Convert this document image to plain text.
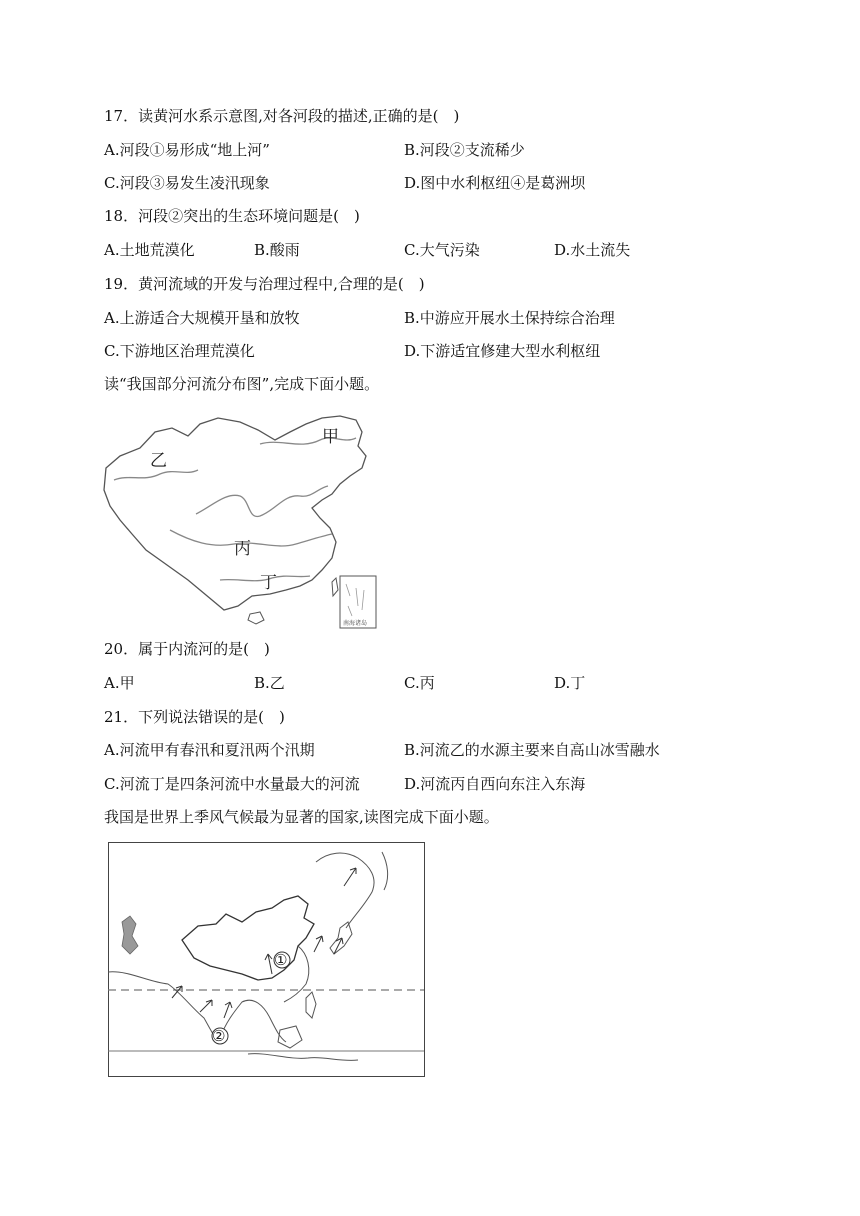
17．读黄河水系示意图,对各河段的描述,正确的是(　)
A.河段①易形成“地上河”	B.河段②支流稀少
C.河段③易发生凌汛现象	D.图中水利枢纽④是葛洲坝
18．河段②突出的生态环境问题是(　)
A.土地荒漠化	B.酸雨	C.大气污染	D.水土流失
19．黄河流域的开发与治理过程中,合理的是(　)
A.上游适合大规模开垦和放牧	B.中游应开展水土保持综合治理
C.下游地区治理荒漠化	D.下游适宜修建大型水利枢纽
读“我国部分河流分布图”,完成下面小题。
甲
乙
丙
丁
南海诸岛
20．属于内流河的是(　)
A.甲	B.乙	C.丙	D.丁
21．下列说法错误的是(　)
A.河流甲有春汛和夏汛两个汛期	B.河流乙的水源主要来自高山冰雪融水
C.河流丁是四条河流中水量最大的河流	D.河流丙自西向东注入东海
我国是世界上季风气候最为显著的国家,读图完成下面小题。
①
②
